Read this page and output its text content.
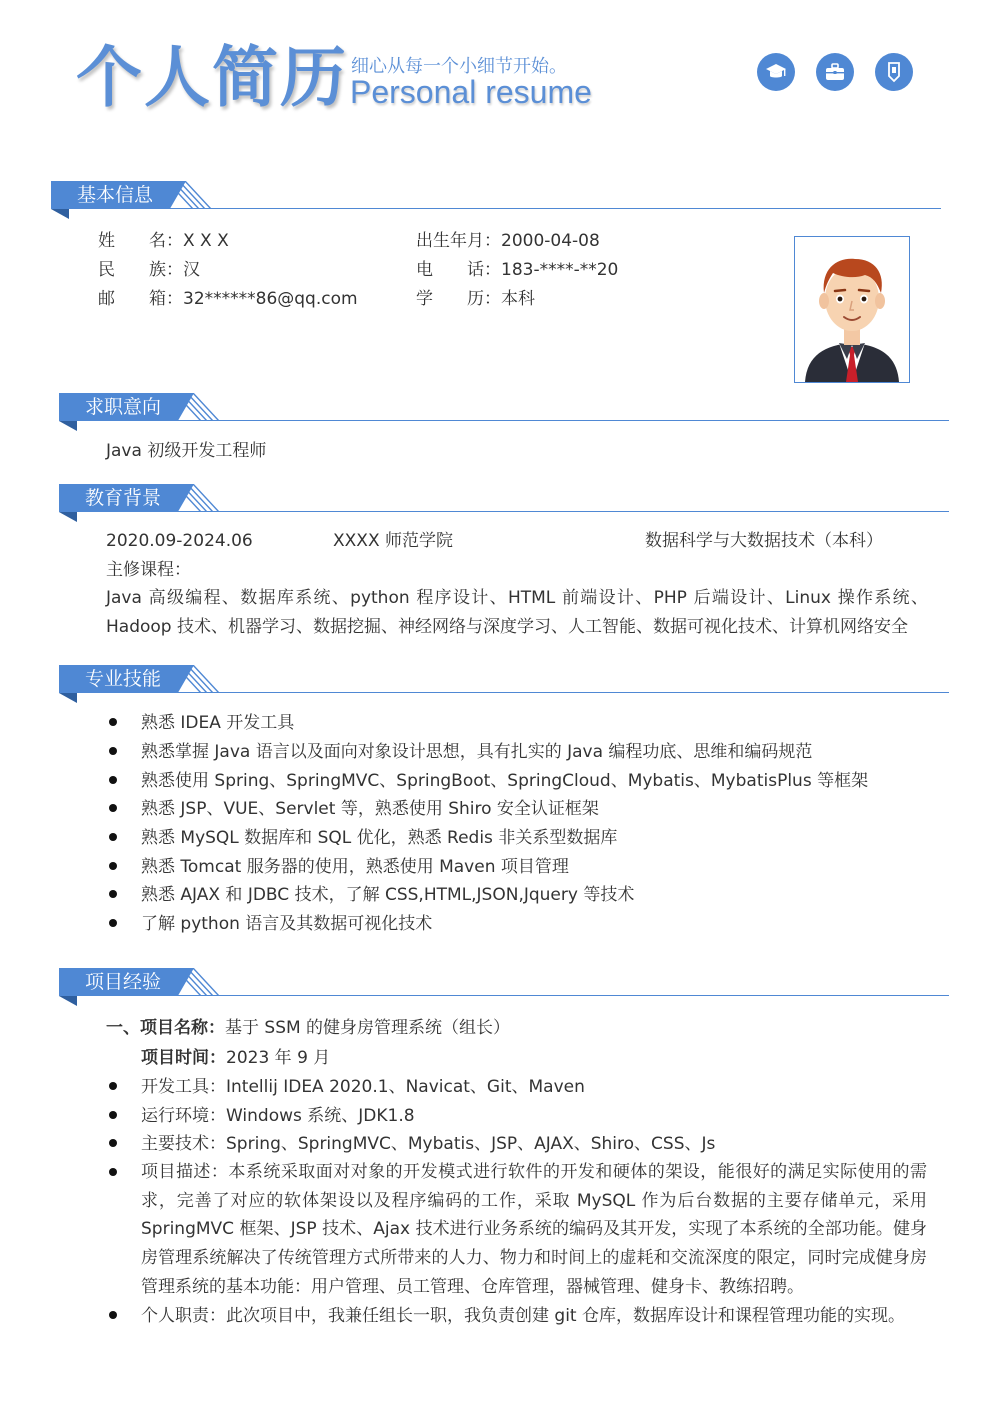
个人简历 细心从每一个小细节开始。
Personal resume
基本信息
姓　　名：X X X
民　　族：汉
邮　　箱：32******86@qq.com
出生年月：2000-04-08
电　　话：183-****-**20
学　　历：本科
求职意向
Java 初级开发工程师
教育背景
2020.09-2024.06	XXXX 师范学院	数据科学与大数据技术（本科）
主修课程：
Java 高级编程、数据库系统、python 程序设计、HTML 前端设计、PHP 后端设计、Linux 操作系统、Hadoop 技术、机器学习、数据挖掘、神经网络与深度学习、人工智能、数据可视化技术、计算机网络安全
专业技能
熟悉 IDEA 开发工具
熟悉掌握 Java 语言以及面向对象设计思想，具有扎实的 Java 编程功底、思维和编码规范
熟悉使用 Spring、SpringMVC、SpringBoot、SpringCloud、Mybatis、MybatisPlus 等框架
熟悉 JSP、VUE、Servlet 等，熟悉使用 Shiro 安全认证框架
熟悉 MySQL 数据库和 SQL 优化，熟悉 Redis 非关系型数据库
熟悉 Tomcat 服务器的使用，熟悉使用 Maven 项目管理
熟悉 AJAX 和 JDBC 技术，了解 CSS,HTML,JSON,Jquery 等技术
了解 python 语言及其数据可视化技术
项目经验
一、项目名称：基于 SSM 的健身房管理系统（组长）
项目时间：2023 年 9 月
开发工具：Intellij IDEA 2020.1、Navicat、Git、Maven
运行环境：Windows 系统、JDK1.8
主要技术：Spring、SpringMVC、Mybatis、JSP、AJAX、Shiro、CSS、Js
项目描述：本系统采取面对对象的开发模式进行软件的开发和硬体的架设，能很好的满足实际使用的需求，完善了对应的软体架设以及程序编码的工作，采取 MySQL 作为后台数据的主要存储单元，采用 SpringMVC 框架、JSP 技术、Ajax 技术进行业务系统的编码及其开发，实现了本系统的全部功能。健身房管理系统解决了传统管理方式所带来的人力、物力和时间上的虚耗和交流深度的限定，同时完成健身房管理系统的基本功能：用户管理、员工管理、仓库管理，器械管理、健身卡、教练招聘。
个人职责：此次项目中，我兼任组长一职，我负责创建 git 仓库，数据库设计和课程管理功能的实现。
